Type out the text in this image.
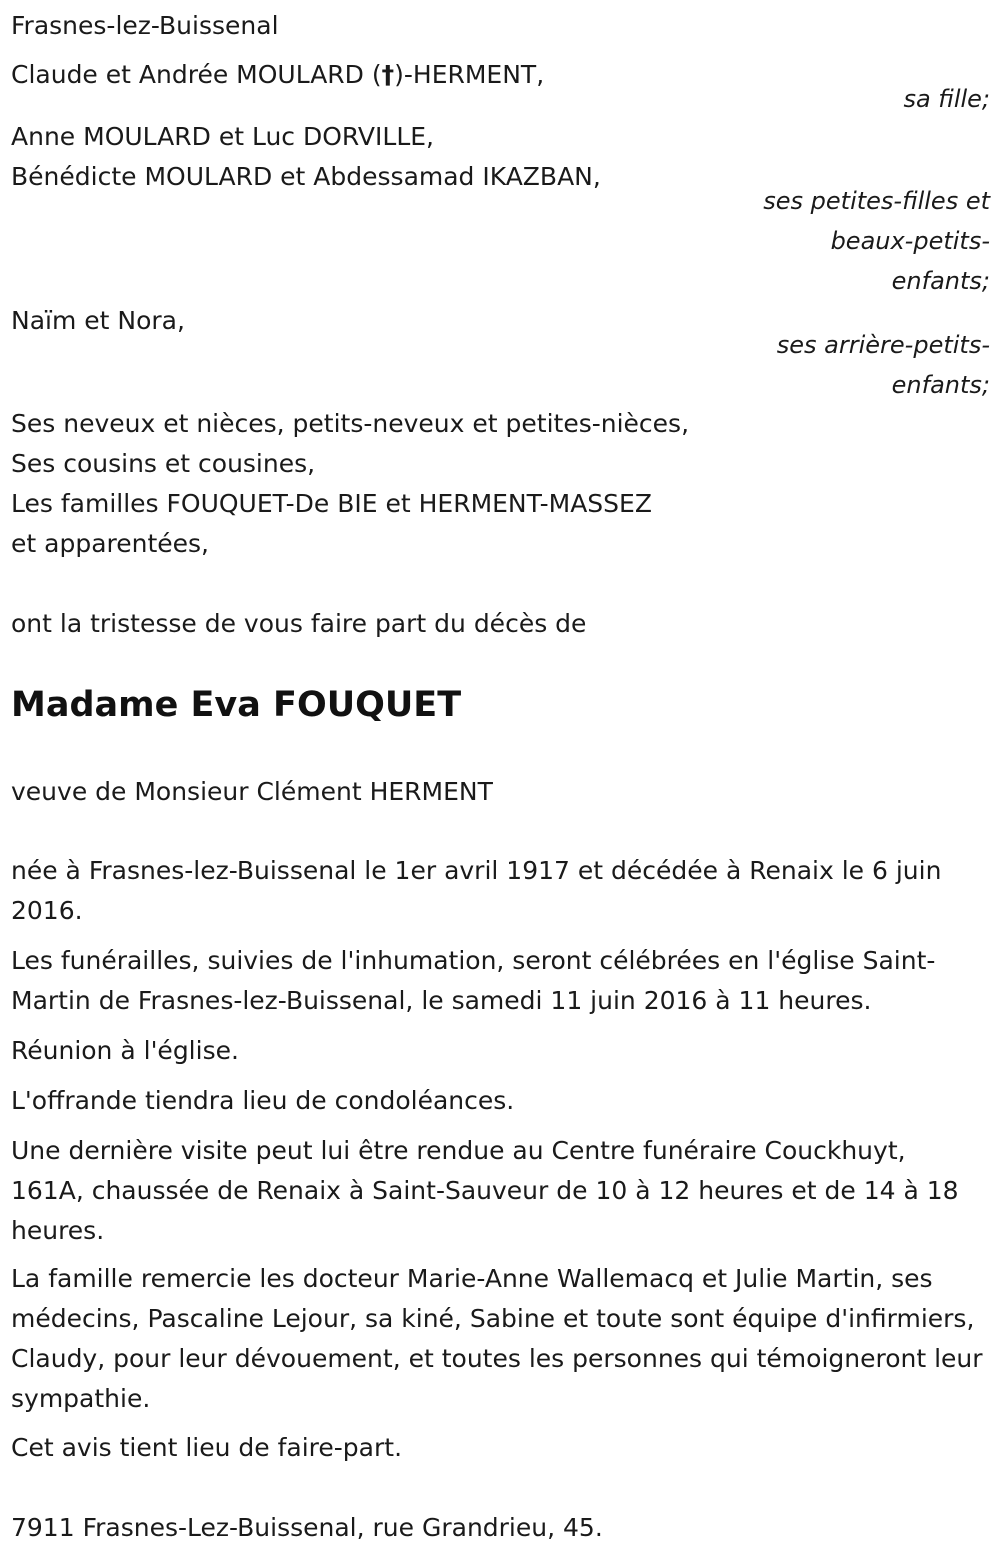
Frasnes-lez-Buissenal
Claude et Andrée MOULARD (†)-HERMENT,
sa fille;
Anne MOULARD et Luc DORVILLE,
Bénédicte MOULARD et Abdessamad IKAZBAN,
ses petites-filles et
beaux-petits-
enfants;
Naïm et Nora,
ses arrière-petits-
enfants;
Ses neveux et nièces, petits-neveux et petites-nièces,
Ses cousins et cousines,
Les familles FOUQUET-De BIE et HERMENT-MASSEZ
et apparentées,
ont la tristesse de vous faire part du décès de
Madame Eva FOUQUET
veuve de Monsieur Clément HERMENT
née à Frasnes-lez-Buissenal le 1er avril 1917 et décédée à Renaix le 6 juin 2016.
Les funérailles, suivies de l'inhumation, seront célébrées en l'église Saint-Martin de Frasnes-lez-Buissenal, le samedi 11 juin 2016 à 11 heures.
Réunion à l'église.
L'offrande tiendra lieu de condoléances.
Une dernière visite peut lui être rendue au Centre funéraire Couckhuyt, 161A, chaussée de Renaix à Saint-Sauveur de 10 à 12 heures et de 14 à 18 heures.
La famille remercie les docteur Marie-Anne Wallemacq et Julie Martin, ses médecins, Pascaline Lejour, sa kiné, Sabine et toute sont équipe d'infirmiers, Claudy, pour leur dévouement, et toutes les personnes qui témoigneront leur sympathie.
Cet avis tient lieu de faire-part.
7911 Frasnes-Lez-Buissenal, rue Grandrieu, 45.
